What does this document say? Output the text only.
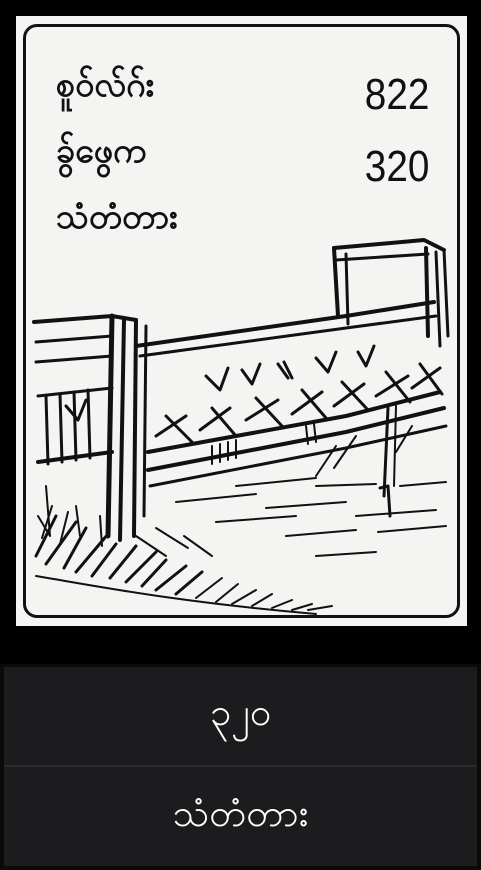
စူဝ်လ်ဂ်း
ခွ်ဖွေက
သံတံတား
822
320
၃၂၀
သံတံတား
